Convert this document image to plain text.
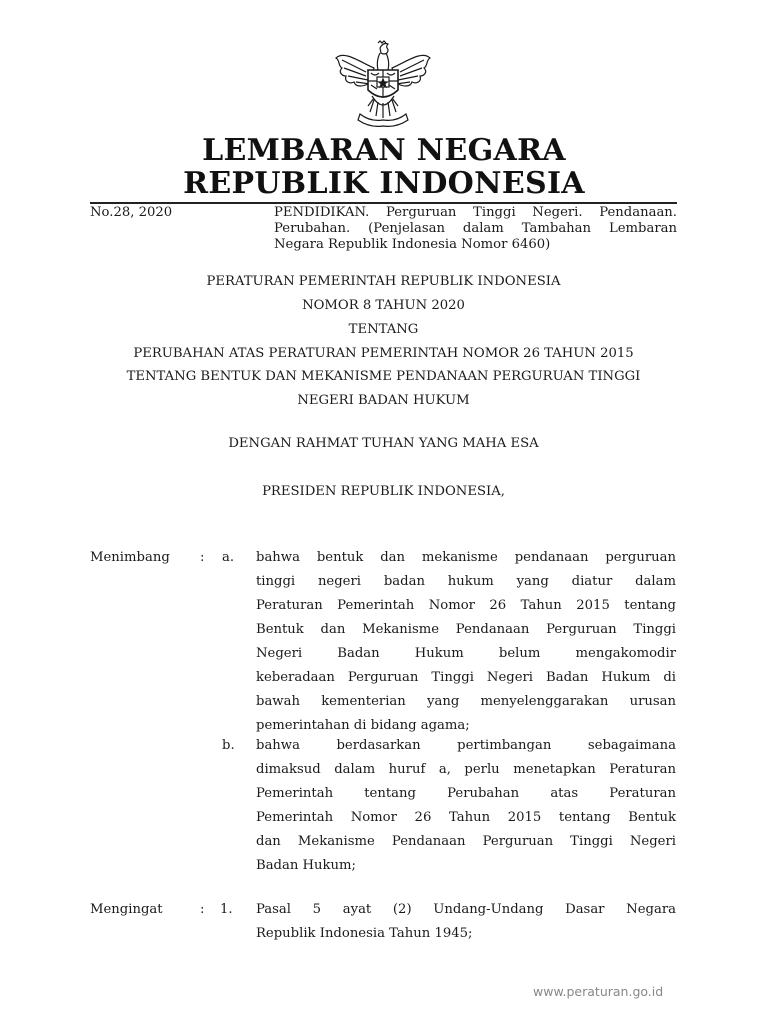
LEMBARAN NEGARA
REPUBLIK INDONESIA
No.28, 2020	PENDIDIKAN. Perguruan Tinggi Negeri. Pendanaan.
Perubahan. (Penjelasan dalam Tambahan Lembaran
Negara Republik Indonesia Nomor 6460)
PERATURAN PEMERINTAH REPUBLIK INDONESIA
NOMOR 8 TAHUN 2020
TENTANG
PERUBAHAN ATAS PERATURAN PEMERINTAH NOMOR 26 TAHUN 2015
TENTANG BENTUK DAN MEKANISME PENDANAAN PERGURUAN TINGGI
NEGERI BADAN HUKUM
DENGAN RAHMAT TUHAN YANG MAHA ESA
PRESIDEN REPUBLIK INDONESIA,
Menimbang : a. bahwa bentuk dan mekanisme pendanaan perguruan
tinggi negeri badan hukum yang diatur dalam
Peraturan Pemerintah Nomor 26 Tahun 2015 tentang
Bentuk dan Mekanisme Pendanaan Perguruan Tinggi
Negeri Badan Hukum belum mengakomodir
keberadaan Perguruan Tinggi Negeri Badan Hukum di
bawah kementerian yang menyelenggarakan urusan
pemerintahan di bidang agama;
b. bahwa berdasarkan pertimbangan sebagaimana
dimaksud dalam huruf a, perlu menetapkan Peraturan
Pemerintah tentang Perubahan atas Peraturan
Pemerintah Nomor 26 Tahun 2015 tentang Bentuk
dan Mekanisme Pendanaan Perguruan Tinggi Negeri
Badan Hukum;
Mengingat	: 1. Pasal 5 ayat (2) Undang-Undang Dasar Negara
Republik Indonesia Tahun 1945;
www.peraturan.go.id
